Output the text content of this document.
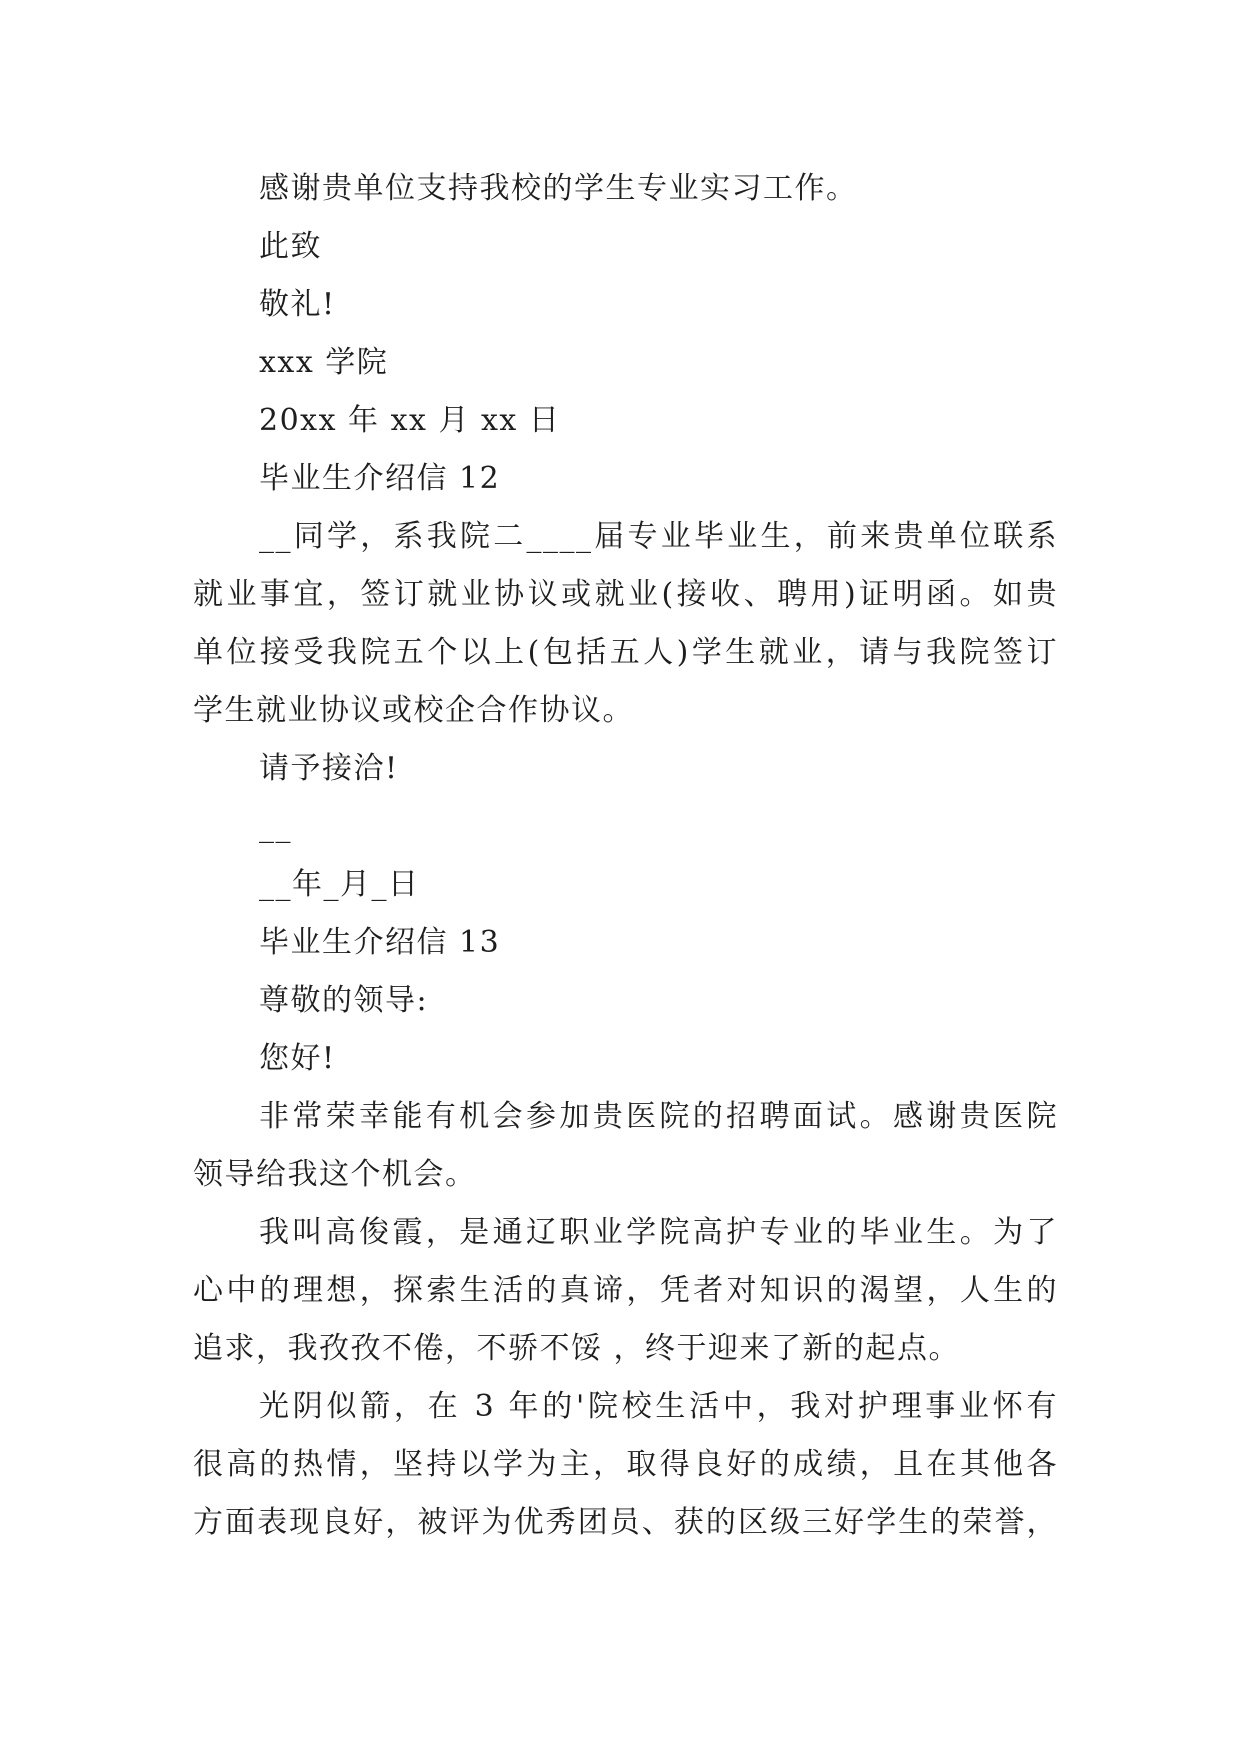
感谢贵单位支持我校的学生专业实习工作。
此致
敬礼!
xxx 学院
20xx 年 xx 月 xx 日
毕业生介绍信 12
__同学，系我院二____届专业毕业生，前来贵单位联系
就业事宜，签订就业协议或就业(接收、聘用)证明函。如贵
单位接受我院五个以上(包括五人)学生就业，请与我院签订
学生就业协议或校企合作协议。
请予接洽!
__
__年_月_日
毕业生介绍信 13
尊敬的领导:
您好!
非常荣幸能有机会参加贵医院的招聘面试。感谢贵医院
领导给我这个机会。
我叫高俊霞，是通辽职业学院高护专业的毕业生。为了
心中的理想，探索生活的真谛，凭者对知识的渴望，人生的
追求，我孜孜不倦，不骄不馁 ，终于迎来了新的起点。
光阴似箭，在 3 年的'院校生活中，我对护理事业怀有
很高的热情，坚持以学为主，取得良好的成绩，且在其他各
方面表现良好，被评为优秀团员、获的区级三好学生的荣誉，
